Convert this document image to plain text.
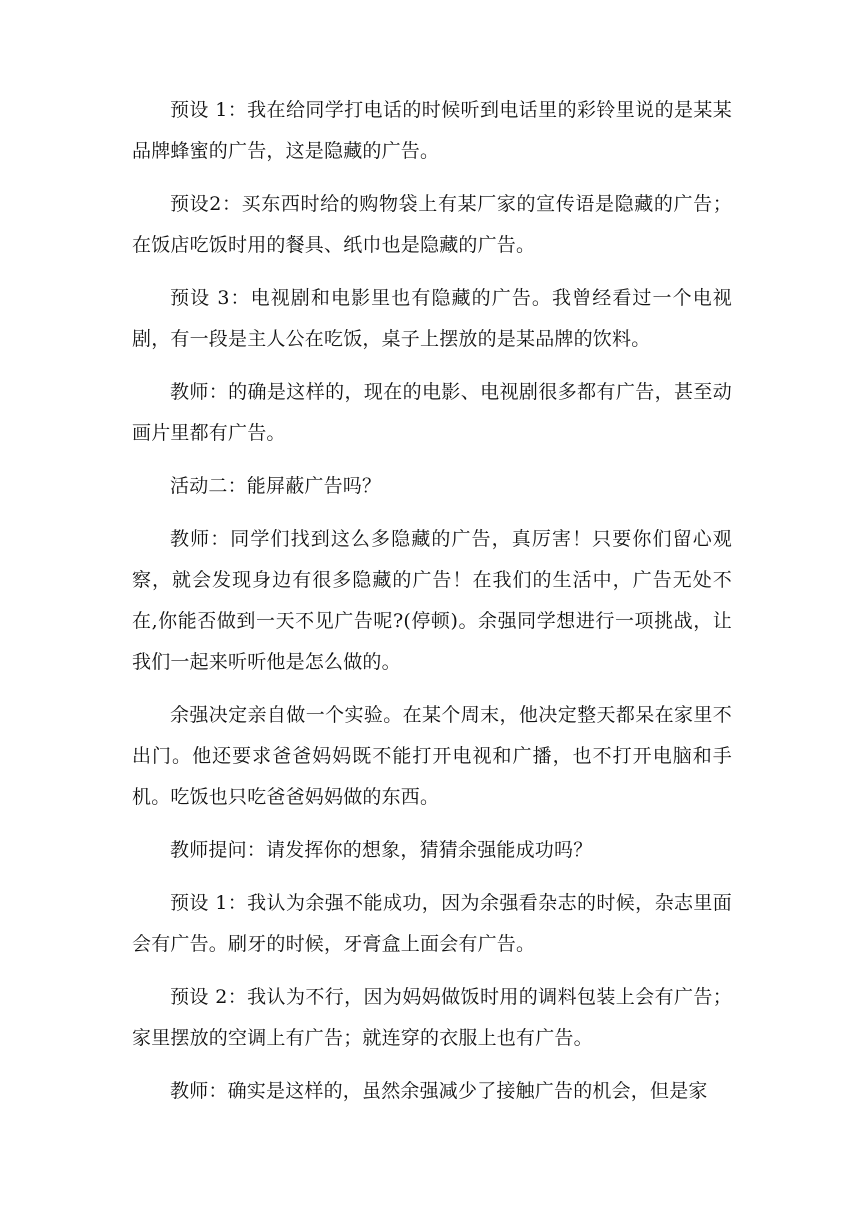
预设 1：我在给同学打电话的时候听到电话里的彩铃里说的是某某品牌蜂蜜的广告，这是隐藏的广告。

预设2：买东西时给的购物袋上有某厂家的宣传语是隐藏的广告；在饭店吃饭时用的餐具、纸巾也是隐藏的广告。

预设 3：电视剧和电影里也有隐藏的广告。我曾经看过一个电视剧，有一段是主人公在吃饭，桌子上摆放的是某品牌的饮料。

教师：的确是这样的，现在的电影、电视剧很多都有广告，甚至动画片里都有广告。

活动二：能屏蔽广告吗？

教师：同学们找到这么多隐藏的广告，真厉害！只要你们留心观察，就会发现身边有很多隐藏的广告！在我们的生活中，广告无处不在,你能否做到一天不见广告呢?(停顿)。余强同学想进行一项挑战，让我们一起来听听他是怎么做的。

余强决定亲自做一个实验。在某个周末，他决定整天都呆在家里不出门。他还要求爸爸妈妈既不能打开电视和广播，也不打开电脑和手机。吃饭也只吃爸爸妈妈做的东西。

教师提问：请发挥你的想象，猜猜余强能成功吗？

预设 1：我认为余强不能成功，因为余强看杂志的时候，杂志里面会有广告。刷牙的时候，牙膏盒上面会有广告。

预设 2：我认为不行，因为妈妈做饭时用的调料包装上会有广告；家里摆放的空调上有广告；就连穿的衣服上也有广告。

教师：确实是这样的，虽然余强减少了接触广告的机会，但是家
